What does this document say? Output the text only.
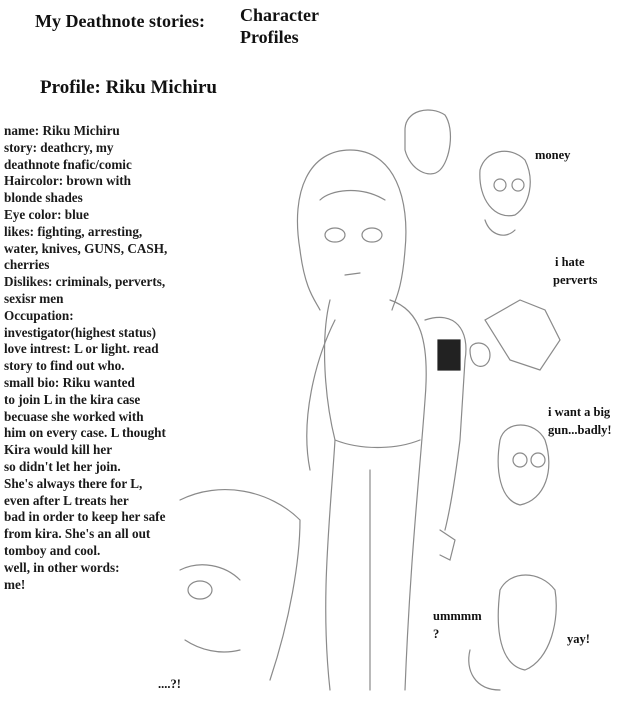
My Deathnote stories: Character
Profiles
Profile: Riku Michiru
name: Riku Michiru
story: deathcry, my
deathnote fnafic/comic
Haircolor: brown with
blonde shades
Eye color: blue
likes: fighting, arresting,
water, knives, GUNS, CASH,
cherries
Dislikes: criminals, perverts,
sexisr men
Occupation:
investigator(highest status)
love intrest: L or light. read
story to find out who.
small bio: Riku wanted
to join L in the kira case
becuase she worked with
him on every case. L thought
Kira would kill her
so didn't let her join.
She's always there for L,
even after L treats her
bad in order to keep her safe
from kira. She's an all out
tomboy and cool.
well, in other words:
me!
money
i hate
perverts
i want a big
gun...badly!
ummmm
?	yay!
....?!
